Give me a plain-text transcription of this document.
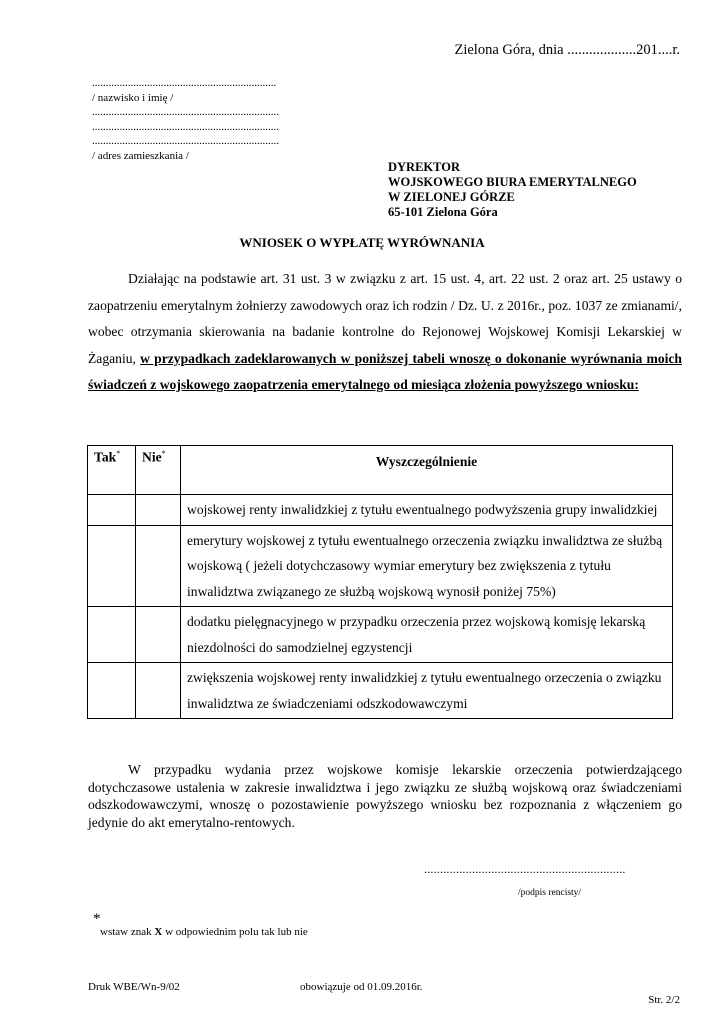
Zielona Góra, dnia ...................201....r.
...................................................................
/ nazwisko i imię /
....................................................................
....................................................................
....................................................................
/ adres zamieszkania /
DYREKTOR
WOJSKOWEGO BIURA EMERYTALNEGO
W ZIELONEJ GÓRZE
65-101 Zielona Góra
WNIOSEK O WYPŁATĘ WYRÓWNANIA
Działając na podstawie art. 31 ust. 3 w związku z art. 15 ust. 4, art. 22 ust. 2 oraz art. 25 ustawy o zaopatrzeniu emerytalnym żołnierzy zawodowych oraz ich rodzin / Dz. U. z 2016r., poz. 1037 ze zmianami/, wobec otrzymania skierowania na badanie kontrolne do Rejonowej Wojskowej Komisji Lekarskiej w Żaganiu, w przypadkach zadeklarowanych w poniższej tabeli wnoszę o dokonanie wyrównania moich świadczeń z wojskowego zaopatrzenia emerytalnego od miesiąca złożenia powyższego wniosku:
Tak*	Nie*	Wyszczególnienie
		wojskowej renty inwalidzkiej z tytułu ewentualnego podwyższenia grupy inwalidzkiej
		emerytury wojskowej z tytułu ewentualnego orzeczenia związku inwalidztwa ze służbą wojskową ( jeżeli dotychczasowy wymiar emerytury bez zwiększenia z tytułu inwalidztwa związanego ze służbą wojskową wynosił poniżej 75%)
		dodatku pielęgnacyjnego w przypadku orzeczenia przez wojskową komisję lekarską niezdolności do samodzielnej egzystencji
		zwiększenia wojskowej renty inwalidzkiej z tytułu ewentualnego orzeczenia o związku inwalidztwa ze świadczeniami odszkodowawczymi
W przypadku wydania przez wojskowe komisje lekarskie orzeczenia potwierdzającego dotychczasowe ustalenia w zakresie inwalidztwa i jego związku ze służbą wojskową oraz świadczeniami odszkodowawczymi, wnoszę o pozostawienie powyższego wniosku bez rozpoznania z włączeniem go jedynie do akt emerytalno-rentowych.
...............................................................
/podpis rencisty/
*
wstaw znak X w odpowiednim polu tak lub nie
Druk WBE/Wn-9/02	obowiązuje od 01.09.2016r.
Str. 2/2
